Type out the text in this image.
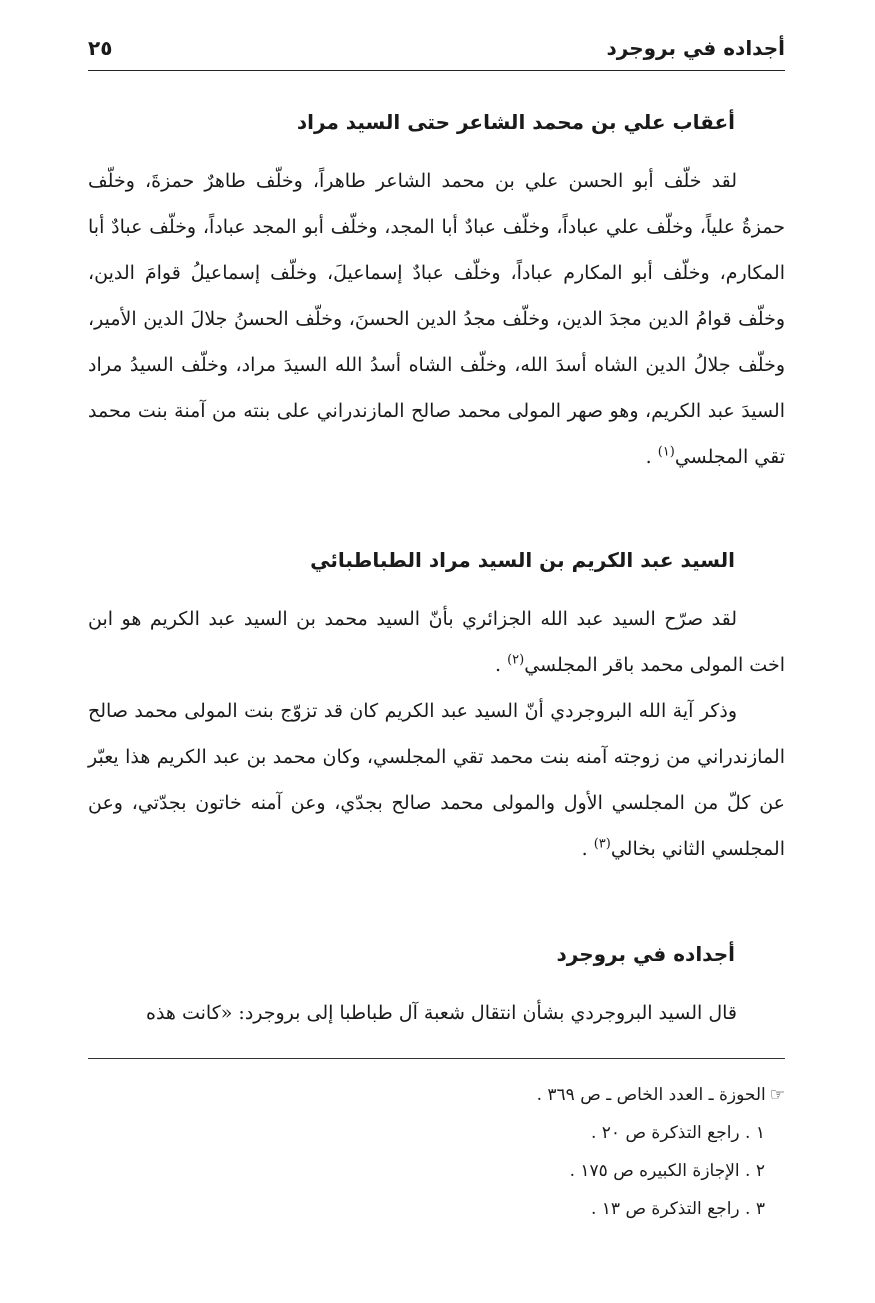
أجداده في بروجرد
٢٥
أعقاب علي بن محمد الشاعر حتى السيد مراد

لقد خلّف أبو الحسن علي بن محمد الشاعر طاهراً، وخلّف طاهرٌ حمزةَ، وخلّف حمزةُ علياً، وخلّف علي عباداً، وخلّف عبادٌ أبا المجد، وخلّف أبو المجد عباداً، وخلّف عبادٌ أبا المكارم، وخلّف أبو المكارم عباداً، وخلّف عبادٌ إسماعيلَ، وخلّف إسماعيلُ قوامَ الدين، وخلّف قوامُ الدين مجدَ الدين، وخلّف مجدُ الدين الحسنَ، وخلّف الحسنُ جلالَ الدين الأمير، وخلّف جلالُ الدين الشاه أسدَ الله، وخلّف الشاه أسدُ الله السيدَ مراد، وخلّف السيدُ مراد السيدَ عبد الكريم، وهو صهر المولى محمد صالح المازندراني على بنته من آمنة بنت محمد تقي المجلسي$^{(١)}$ .

السيد عبد الكريم بن السيد مراد الطباطبائي

لقد صرّح السيد عبد الله الجزائري بأنّ السيد محمد بن السيد عبد الكريم هو ابن اخت المولى محمد باقر المجلسي$^{(٢)}$ .

وذكر آية الله البروجردي أنّ السيد عبد الكريم كان قد تزوّج بنت المولى محمد صالح المازندراني من زوجته آمنه بنت محمد تقي المجلسي، وكان محمد بن عبد الكريم هذا يعبّر عن كلّ من المجلسي الأول والمولى محمد صالح بجدّي، وعن آمنه خاتون بجدّتي، وعن المجلسي الثاني بخالي$^{(٣)}$ .

أجداده في بروجرد

قال السيد البروجردي بشأن انتقال شعبة آل طباطبا إلى بروجرد: «كانت هذه

☞الحوزة ـ العدد الخاص ـ ص ٣٦٩ .

١ . راجع التذكرة ص ٢٠ .

٢ . الإجازة الكبيره ص ١٧٥ .

٣ . راجع التذكرة ص ١٣ .
